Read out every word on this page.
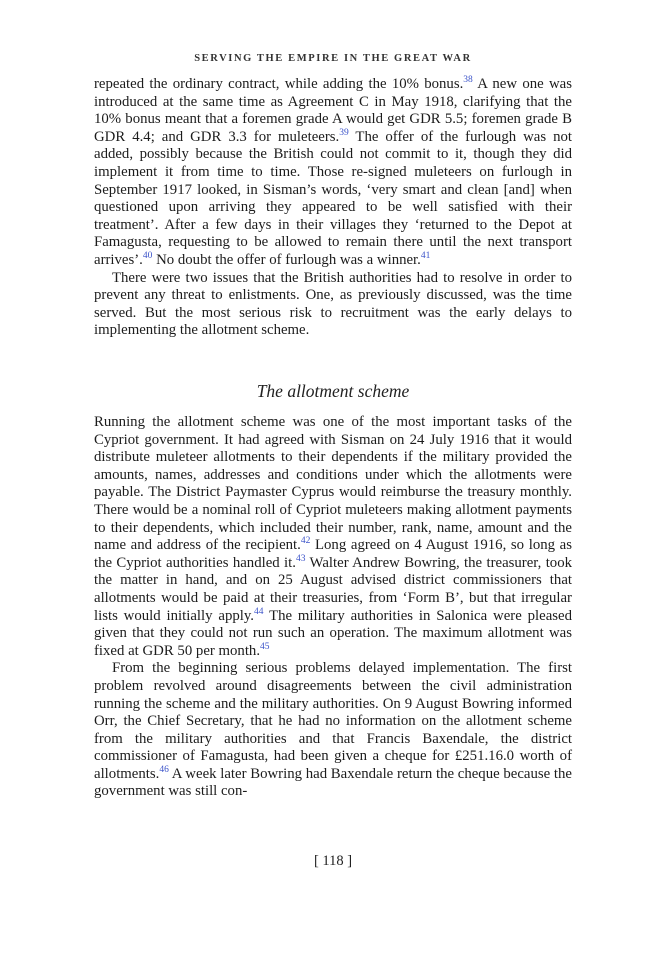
SERVING THE EMPIRE IN THE GREAT WAR

repeated the ordinary contract, while adding the 10% bonus.$^{38}$ A new one was introduced at the same time as Agreement C in May 1918, clarifying that the 10% bonus meant that a foremen grade A would get GDR 5.5; foremen grade B GDR 4.4; and GDR 3.3 for muleteers.$^{39}$ The offer of the furlough was not added, possibly because the British could not commit to it, though they did implement it from time to time. Those re-signed muleteers on furlough in September 1917 looked, in Sisman’s words, ‘very smart and clean [and] when questioned upon arriving they appeared to be well satisfied with their treatment’. After a few days in their villages they ‘returned to the Depot at Famagusta, requesting to be allowed to remain there until the next transport arrives’.$^{40}$ No doubt the offer of furlough was a winner.$^{41}$

There were two issues that the British authorities had to resolve in order to prevent any threat to enlistments. One, as previously discussed, was the time served. But the most serious risk to recruitment was the early delays to implementing the allotment scheme.

The allotment scheme

Running the allotment scheme was one of the most important tasks of the Cypriot government. It had agreed with Sisman on 24 July 1916 that it would distribute muleteer allotments to their dependents if the military provided the amounts, names, addresses and conditions under which the allotments were payable. The District Paymaster Cyprus would reimburse the treasury monthly. There would be a nominal roll of Cypriot muleteers making allotment payments to their dependents, which included their number, rank, name, amount and the name and address of the recipient.$^{42}$ Long agreed on 4 August 1916, so long as the Cypriot authorities handled it.$^{43}$ Walter Andrew Bowring, the treasurer, took the matter in hand, and on 25 August advised district commissioners that allotments would be paid at their treasuries, from ‘Form B’, but that irregular lists would initially apply.$^{44}$ The military authorities in Salonica were pleased given that they could not run such an operation. The maximum allotment was fixed at GDR 50 per month.$^{45}$

From the beginning serious problems delayed implementation. The first problem revolved around disagreements between the civil administration running the scheme and the military authorities. On 9 August Bowring informed Orr, the Chief Secretary, that he had no information on the allotment scheme from the military authorities and that Francis Baxendale, the district commissioner of Famagusta, had been given a cheque for £251.16.0 worth of allotments.$^{46}$ A week later Bowring had Baxendale return the cheque because the government was still con-

[ 118 ]
